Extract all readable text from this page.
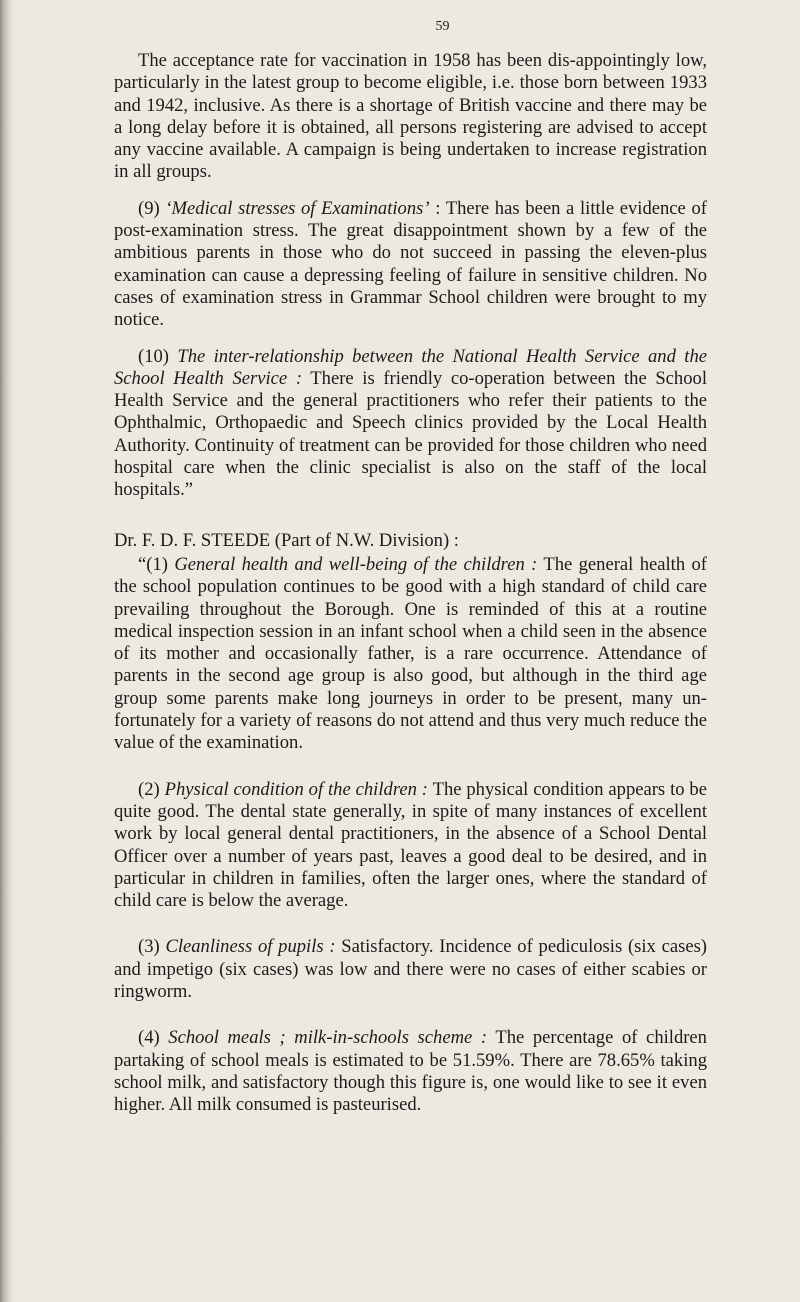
59

The acceptance rate for vaccination in 1958 has been dis-appointingly low, particularly in the latest group to become eligible, i.e. those born between 1933 and 1942, inclusive. As there is a shortage of British vaccine and there may be a long delay before it is obtained, all persons registering are advised to accept any vaccine available. A campaign is being undertaken to increase registration in all groups.

(9) ‘Medical stresses of Examinations’ : There has been a little evidence of post-examination stress. The great disappointment shown by a few of the ambitious parents in those who do not succeed in passing the eleven-plus examination can cause a depressing feeling of failure in sensitive children. No cases of examination stress in Grammar School children were brought to my notice.

(10) The inter-relationship between the National Health Service and the School Health Service : There is friendly co-operation between the School Health Service and the general practitioners who refer their patients to the Ophthalmic, Orthopaedic and Speech clinics provided by the Local Health Authority. Continuity of treatment can be provided for those children who need hospital care when the clinic specialist is also on the staff of the local hospitals.”

Dr. F. D. F. STEEDE (Part of N.W. Division) :

“(1) General health and well-being of the children : The general health of the school population continues to be good with a high standard of child care prevailing throughout the Borough. One is reminded of this at a routine medical inspection session in an infant school when a child seen in the absence of its mother and occasionally father, is a rare occurrence. Attendance of parents in the second age group is also good, but although in the third age group some parents make long journeys in order to be present, many un-fortunately for a variety of reasons do not attend and thus very much reduce the value of the examination.

(2) Physical condition of the children : The physical condition appears to be quite good. The dental state generally, in spite of many instances of excellent work by local general dental practitioners, in the absence of a School Dental Officer over a number of years past, leaves a good deal to be desired, and in particular in children in families, often the larger ones, where the standard of child care is below the average.

(3) Cleanliness of pupils : Satisfactory. Incidence of pediculosis (six cases) and impetigo (six cases) was low and there were no cases of either scabies or ringworm.

(4) School meals ; milk-in-schools scheme : The percentage of children partaking of school meals is estimated to be 51.59%. There are 78.65% taking school milk, and satisfactory though this figure is, one would like to see it even higher. All milk consumed is pasteurised.
